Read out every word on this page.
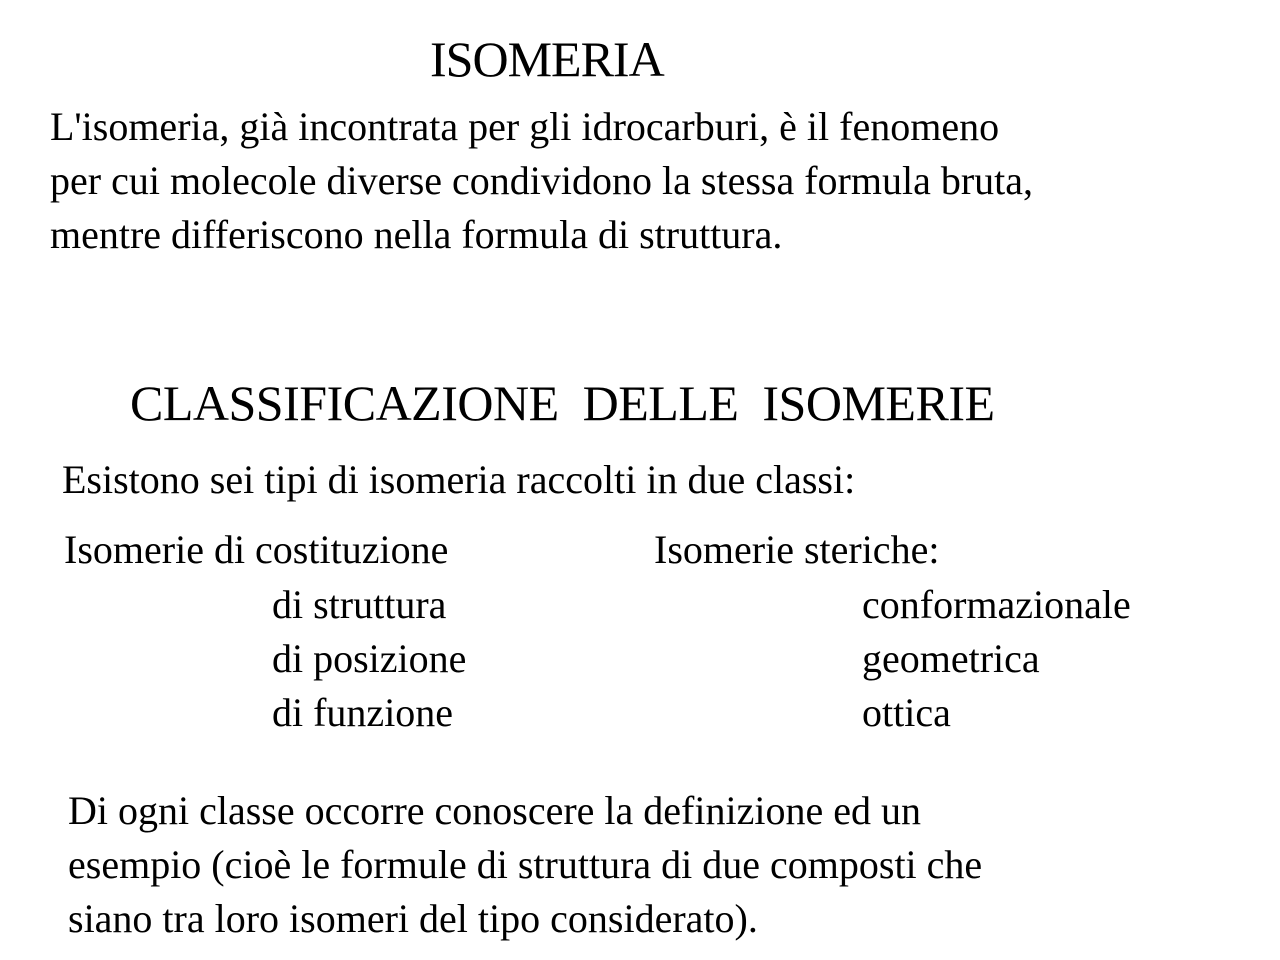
ISOMERIA
L'isomeria, già incontrata per gli idrocarburi, è il fenomeno
per cui molecole diverse condividono la stessa formula bruta,
mentre differiscono nella formula di struttura.
CLASSIFICAZIONE DELLE ISOMERIE
Esistono sei tipi di isomeria raccolti in due classi:
Isomerie di costituzione
di struttura
di posizione
di funzione
Isomerie steriche:
conformazionale
geometrica
ottica
Di ogni classe occorre conoscere la definizione ed un
esempio (cioè le formule di struttura di due composti che
siano tra loro isomeri del tipo considerato).
